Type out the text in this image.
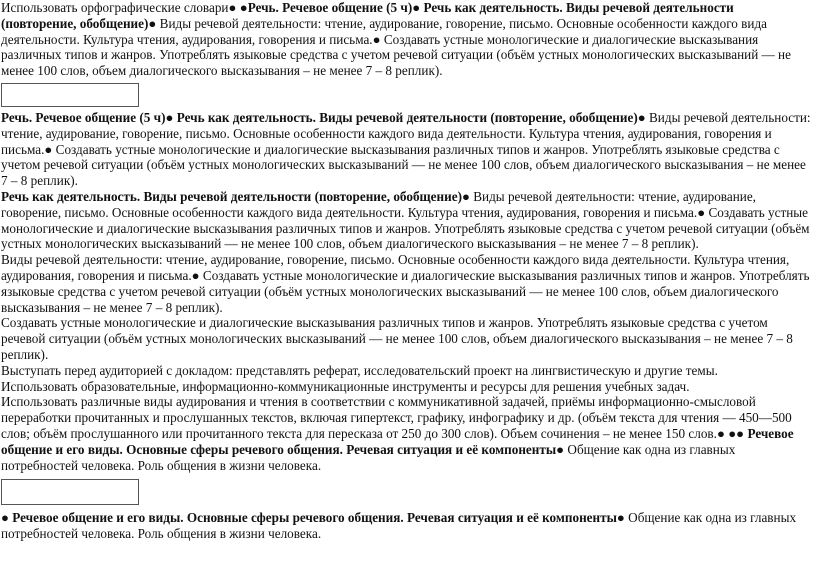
Использовать орфографические словари● ●Речь. Речевое общение (5 ч)● Речь как деятельность. Виды речевой деятельности (повторение, обобщение)● Виды речевой деятельности: чтение, аудирование, говорение, письмо. Основные особенности каждого вида деятельности. Культура чтения, аудирования, говорения и письма.● Создавать устные монологические и диалогические высказывания различных типов и жанров. Употреблять языковые средства с учетом речевой ситуации (объём устных монологических высказываний — не менее 100 слов, объем диалогического высказывания – не менее 7 – 8 реплик).

Речь. Речевое общение (5 ч)● Речь как деятельность. Виды речевой деятельности (повторение, обобщение)● Виды речевой деятельности: чтение, аудирование, говорение, письмо. Основные особенности каждого вида деятельности. Культура чтения, аудирования, говорения и письма.● Создавать устные монологические и диалогические высказывания различных типов и жанров. Употреблять языковые средства с учетом речевой ситуации (объём устных монологических высказываний — не менее 100 слов, объем диалогического высказывания – не менее 7 – 8 реплик).

Речь как деятельность. Виды речевой деятельности (повторение, обобщение)● Виды речевой деятельности: чтение, аудирование, говорение, письмо. Основные особенности каждого вида деятельности. Культура чтения, аудирования, говорения и письма.● Создавать устные монологические и диалогические высказывания различных типов и жанров. Употреблять языковые средства с учетом речевой ситуации (объём устных монологических высказываний — не менее 100 слов, объем диалогического высказывания – не менее 7 – 8 реплик).

Виды речевой деятельности: чтение, аудирование, говорение, письмо. Основные особенности каждого вида деятельности. Культура чтения, аудирования, говорения и письма.● Создавать устные монологические и диалогические высказывания различных типов и жанров. Употреблять языковые средства с учетом речевой ситуации (объём устных монологических высказываний — не менее 100 слов, объем диалогического высказывания – не менее 7 – 8 реплик).

Создавать устные монологические и диалогические высказывания различных типов и жанров. Употреблять языковые средства с учетом речевой ситуации (объём устных монологических высказываний — не менее 100 слов, объем диалогического высказывания – не менее 7 – 8 реплик).

Выступать перед аудиторией с докладом: представлять реферат, исследовательский проект на лингвистическую и другие темы.

Использовать образовательные, информационно-коммуникационные инструменты и ресурсы для решения учебных задач.

Использовать различные виды аудирования и чтения в соответствии с коммуникативной задачей, приёмы информационно-смысловой переработки прочитанных и прослушанных текстов, включая гипертекст, графику, инфографику и др. (объём текста для чтения — 450—500 слов; объём прослушанного или прочитанного текста для пересказа от 250 до 300 слов). Объем сочинения – не менее 150 слов.● ●● Речевое общение и его виды. Основные сферы речевого общения. Речевая ситуация и её компоненты● Общение как одна из главных потребностей человека. Роль общения в жизни человека.

● Речевое общение и его виды. Основные сферы речевого общения. Речевая ситуация и её компоненты● Общение как одна из главных потребностей человека. Роль общения в жизни человека.
